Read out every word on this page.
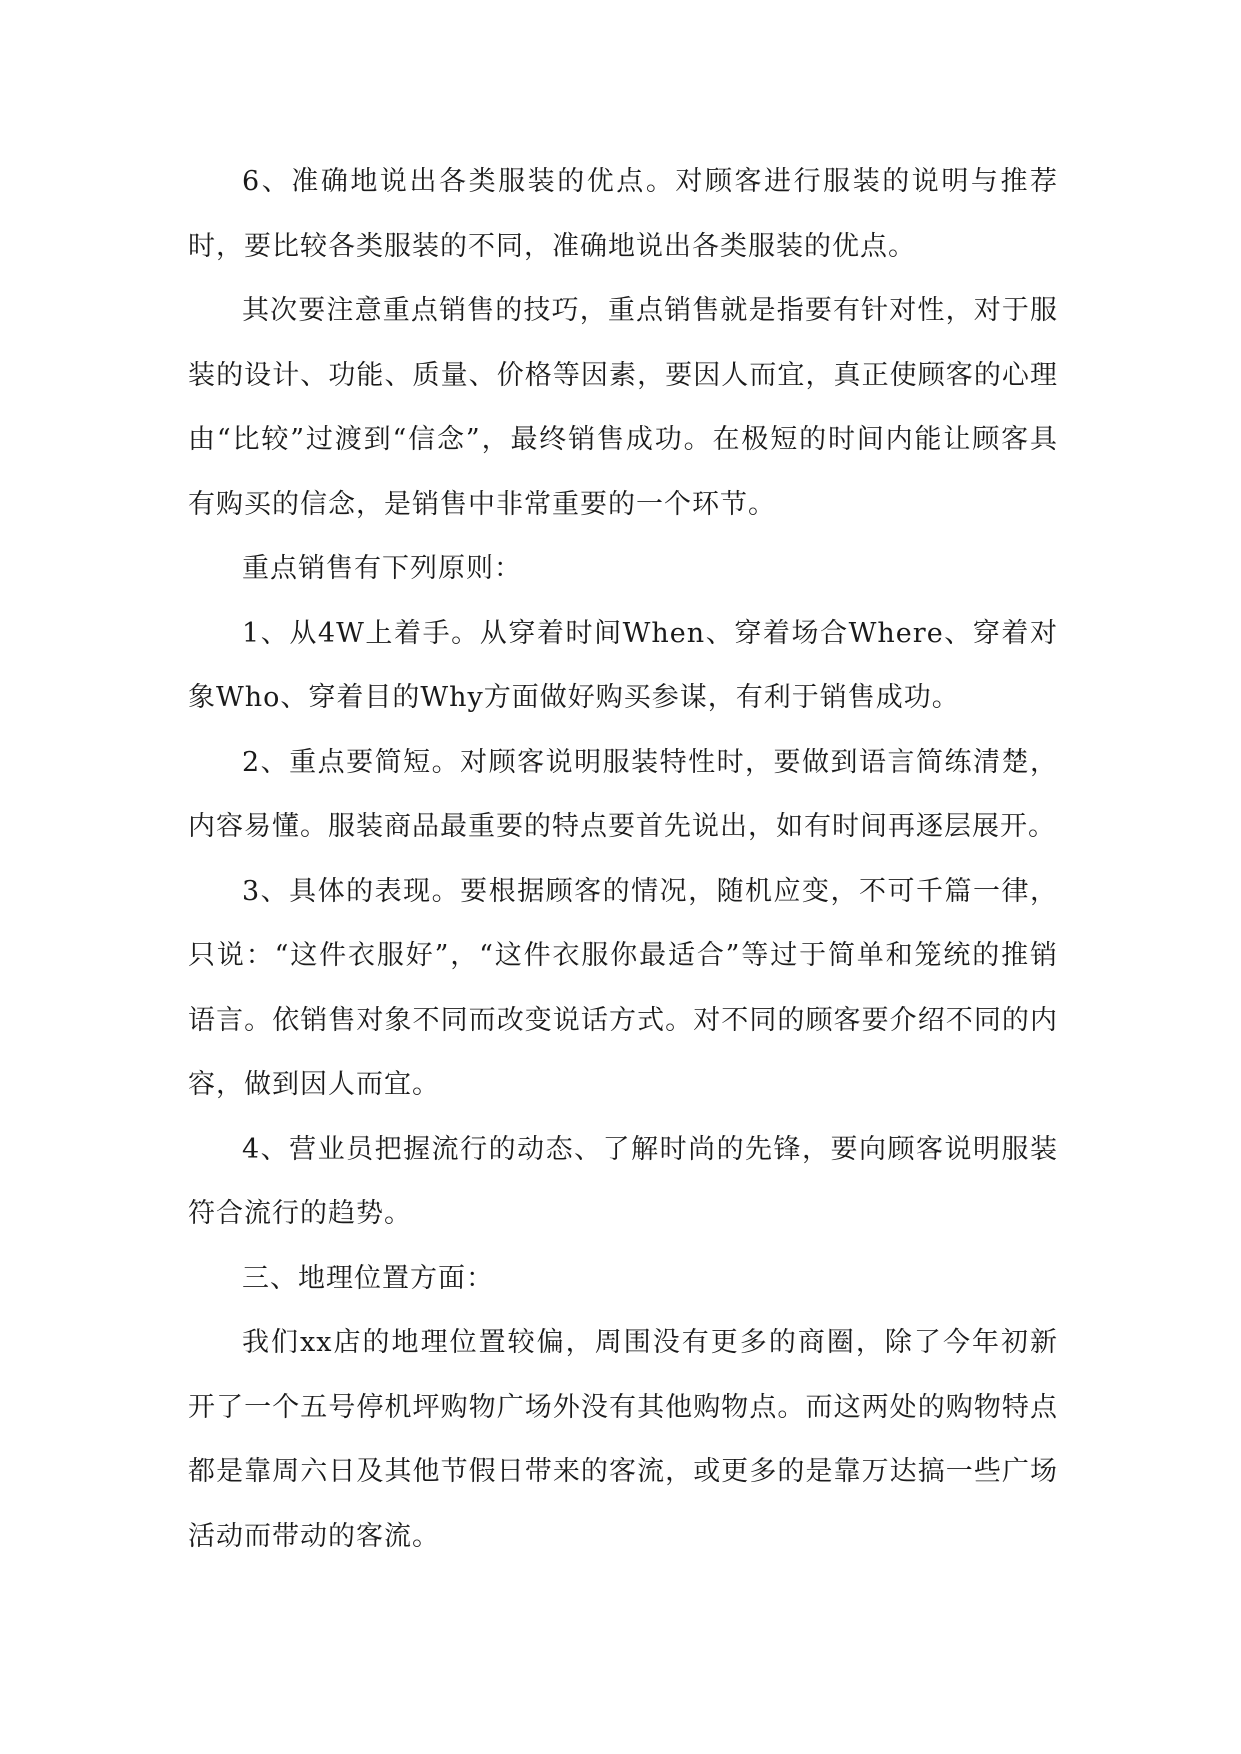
6、准确地说出各类服装的优点。对顾客进行服装的说明与推荐时，要比较各类服装的不同，准确地说出各类服装的优点。

其次要注意重点销售的技巧，重点销售就是指要有针对性，对于服装的设计、功能、质量、价格等因素，要因人而宜，真正使顾客的心理由“比较”过渡到“信念”，最终销售成功。在极短的时间内能让顾客具有购买的信念，是销售中非常重要的一个环节。

重点销售有下列原则：

1、从4W上着手。从穿着时间When、穿着场合Where、穿着对象Who、穿着目的Why方面做好购买参谋，有利于销售成功。

2、重点要简短。对顾客说明服装特性时，要做到语言简练清楚，内容易懂。服装商品最重要的特点要首先说出，如有时间再逐层展开。

3、具体的表现。要根据顾客的情况，随机应变，不可千篇一律，只说：“这件衣服好”，“这件衣服你最适合”等过于简单和笼统的推销语言。依销售对象不同而改变说话方式。对不同的顾客要介绍不同的内容，做到因人而宜。

4、营业员把握流行的动态、了解时尚的先锋，要向顾客说明服装符合流行的趋势。

三、地理位置方面：

我们xx店的地理位置较偏，周围没有更多的商圈，除了今年初新开了一个五号停机坪购物广场外没有其他购物点。而这两处的购物特点都是靠周六日及其他节假日带来的客流，或更多的是靠万达搞一些广场活动而带动的客流。
